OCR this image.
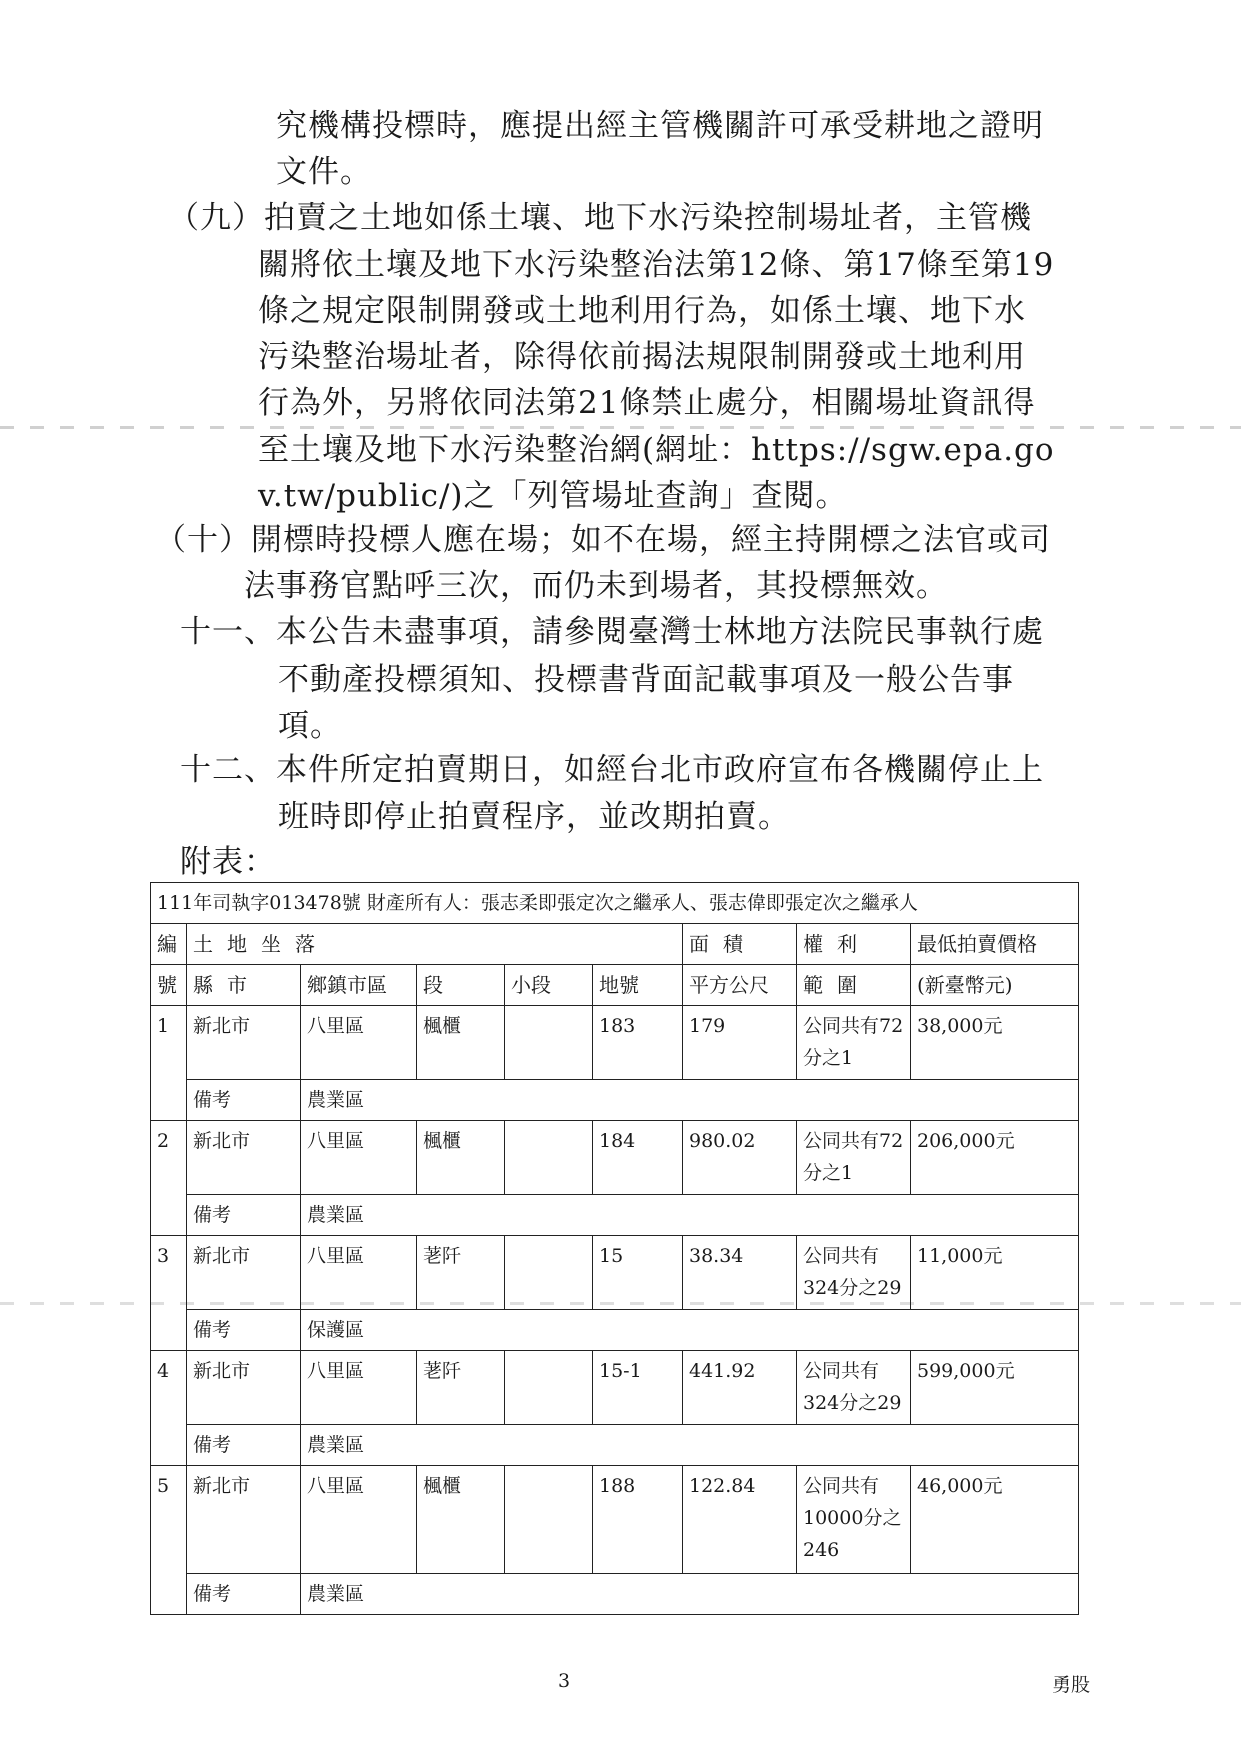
究機構投標時，應提出經主管機關許可承受耕地之證明
文件。
（九）拍賣之土地如係土壤、地下水污染控制場址者，主管機
關將依土壤及地下水污染整治法第12條、第17條至第19
條之規定限制開發或土地利用行為，如係土壤、地下水
污染整治場址者，除得依前揭法規限制開發或土地利用
行為外，另將依同法第21條禁止處分，相關場址資訊得
至土壤及地下水污染整治網(網址：https://sgw.epa.go
v.tw/public/)之「列管場址查詢」查閱。
（十）開標時投標人應在場；如不在場，經主持開標之法官或司
法事務官點呼三次，而仍未到場者，其投標無效。
十一、本公告未盡事項，請參閱臺灣士林地方法院民事執行處
不動產投標須知、投標書背面記載事項及一般公告事
項。
十二、本件所定拍賣期日，如經台北市政府宣布各機關停止上
班時即停止拍賣程序，並改期拍賣。
附表：
111年司執字013478號 財產所有人：張志柔即張定次之繼承人、張志偉即張定次之繼承人								
編	土地坐落					面積	權利	最低拍賣價格
號	縣市	鄉鎮市區	段	小段	地號	平方公尺	範圍	(新臺幣元)
1	新北市	八里區	楓櫃		183	179	公同共有72分之1	38,000元
	備考	農業區						
2	新北市	八里區	楓櫃		184	980.02	公同共有72分之1	206,000元
	備考	農業區						
3	新北市	八里區	荖阡		15	38.34	公同共有324分之29	11,000元
	備考	保護區						
4	新北市	八里區	荖阡		15-1	441.92	公同共有324分之29	599,000元
	備考	農業區						
5	新北市	八里區	楓櫃		188	122.84	公同共有10000分之246	46,000元
	備考	農業區						
3	勇股
